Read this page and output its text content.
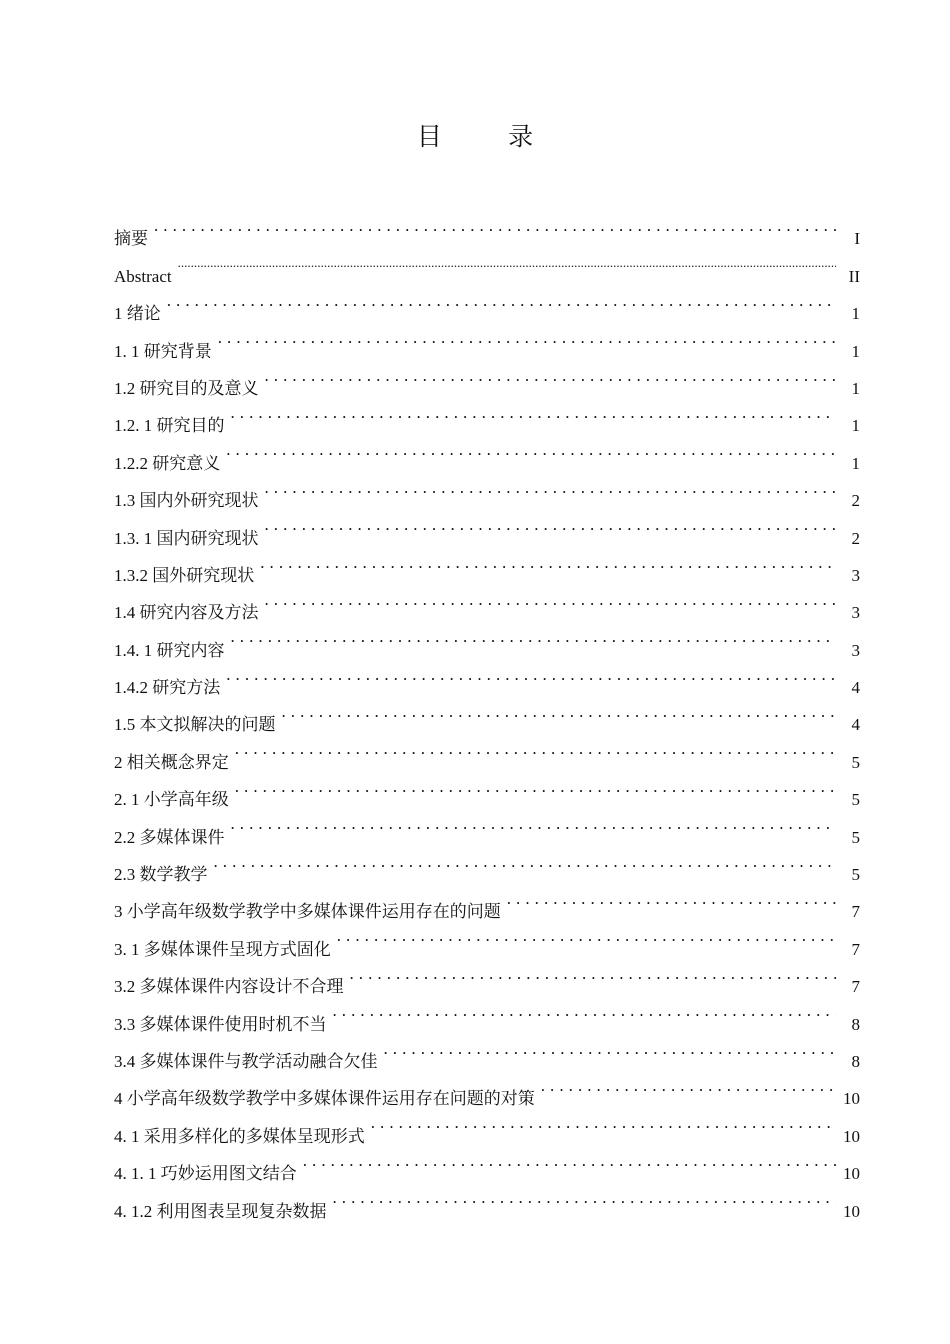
目 录
摘要 . . .	I
Abstract .....	II
1 绪论 . . .	1
1. 1 研究背景 . . .	1
1.2 研究目的及意义 . . .	1
1.2. 1 研究目的 . . .	1
1.2.2 研究意义 . . .	1
1.3 国内外研究现状 . . .	2
1.3. 1 国内研究现状 . . .	2
1.3.2 国外研究现状 . . .	3
1.4 研究内容及方法 . . .	3
1.4. 1 研究内容 . . .	3
1.4.2 研究方法 . . .	4
1.5 本文拟解决的问题 . . .	4
2 相关概念界定 . . .	5
2. 1 小学高年级 . . .	5
2.2 多媒体课件 . . .	5
2.3 数学教学 . . .	5
3 小学高年级数学教学中多媒体课件运用存在的问题 . . .	7
3. 1 多媒体课件呈现方式固化 . . .	7
3.2 多媒体课件内容设计不合理 . . .	7
3.3 多媒体课件使用时机不当 . . .	8
3.4 多媒体课件与教学活动融合欠佳 . . .	8
4 小学高年级数学教学中多媒体课件运用存在问题的对策 . . .	10
4. 1 采用多样化的多媒体呈现形式 . . .	10
4. 1. 1 巧妙运用图文结合 . . .	10
4. 1.2 利用图表呈现复杂数据 . . .	10
